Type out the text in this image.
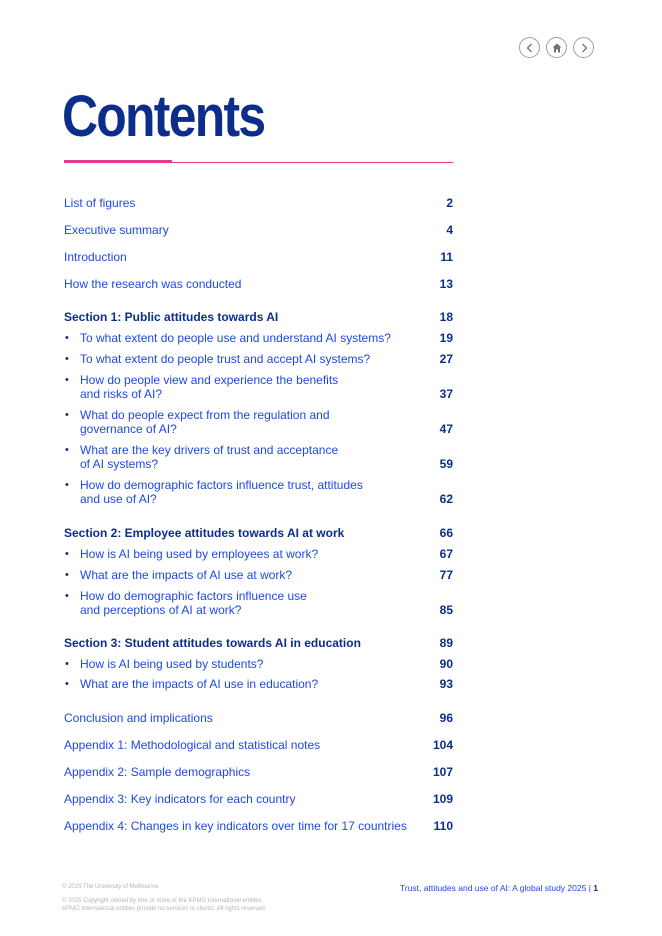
Contents
List of figures	2
Executive summary	4
Introduction	11
How the research was conducted	13
Section 1: Public attitudes towards AI	18
• To what extent do people use and understand AI systems?	19
• To what extent do people trust and accept AI systems?	27
• How do people view and experience the benefits
and risks of AI?	37
• What do people expect from the regulation and
governance of AI?	47
• What are the key drivers of trust and acceptance
of AI systems?	59
• How do demographic factors influence trust, attitudes
and use of AI?	62
Section 2: Employee attitudes towards AI at work	66
• How is AI being used by employees at work?	67
• What are the impacts of AI use at work?	77
• How do demographic factors influence use
and perceptions of AI at work?	85
Section 3: Student attitudes towards AI in education	89
• How is AI being used by students?	90
• What are the impacts of AI use in education?	93
Conclusion and implications	96
Appendix 1: Methodological and statistical notes	104
Appendix 2: Sample demographics	107
Appendix 3: Key indicators for each country	109
Appendix 4: Changes in key indicators over time for 17 countries	110
© 2025 The University of Melbourne.
© 2025 Copyright owned by one or more of the KPMG International entities.
KPMG International entities provide no services to clients. All rights reserved.
Trust, attitudes and use of AI: A global study 2025 | 1
